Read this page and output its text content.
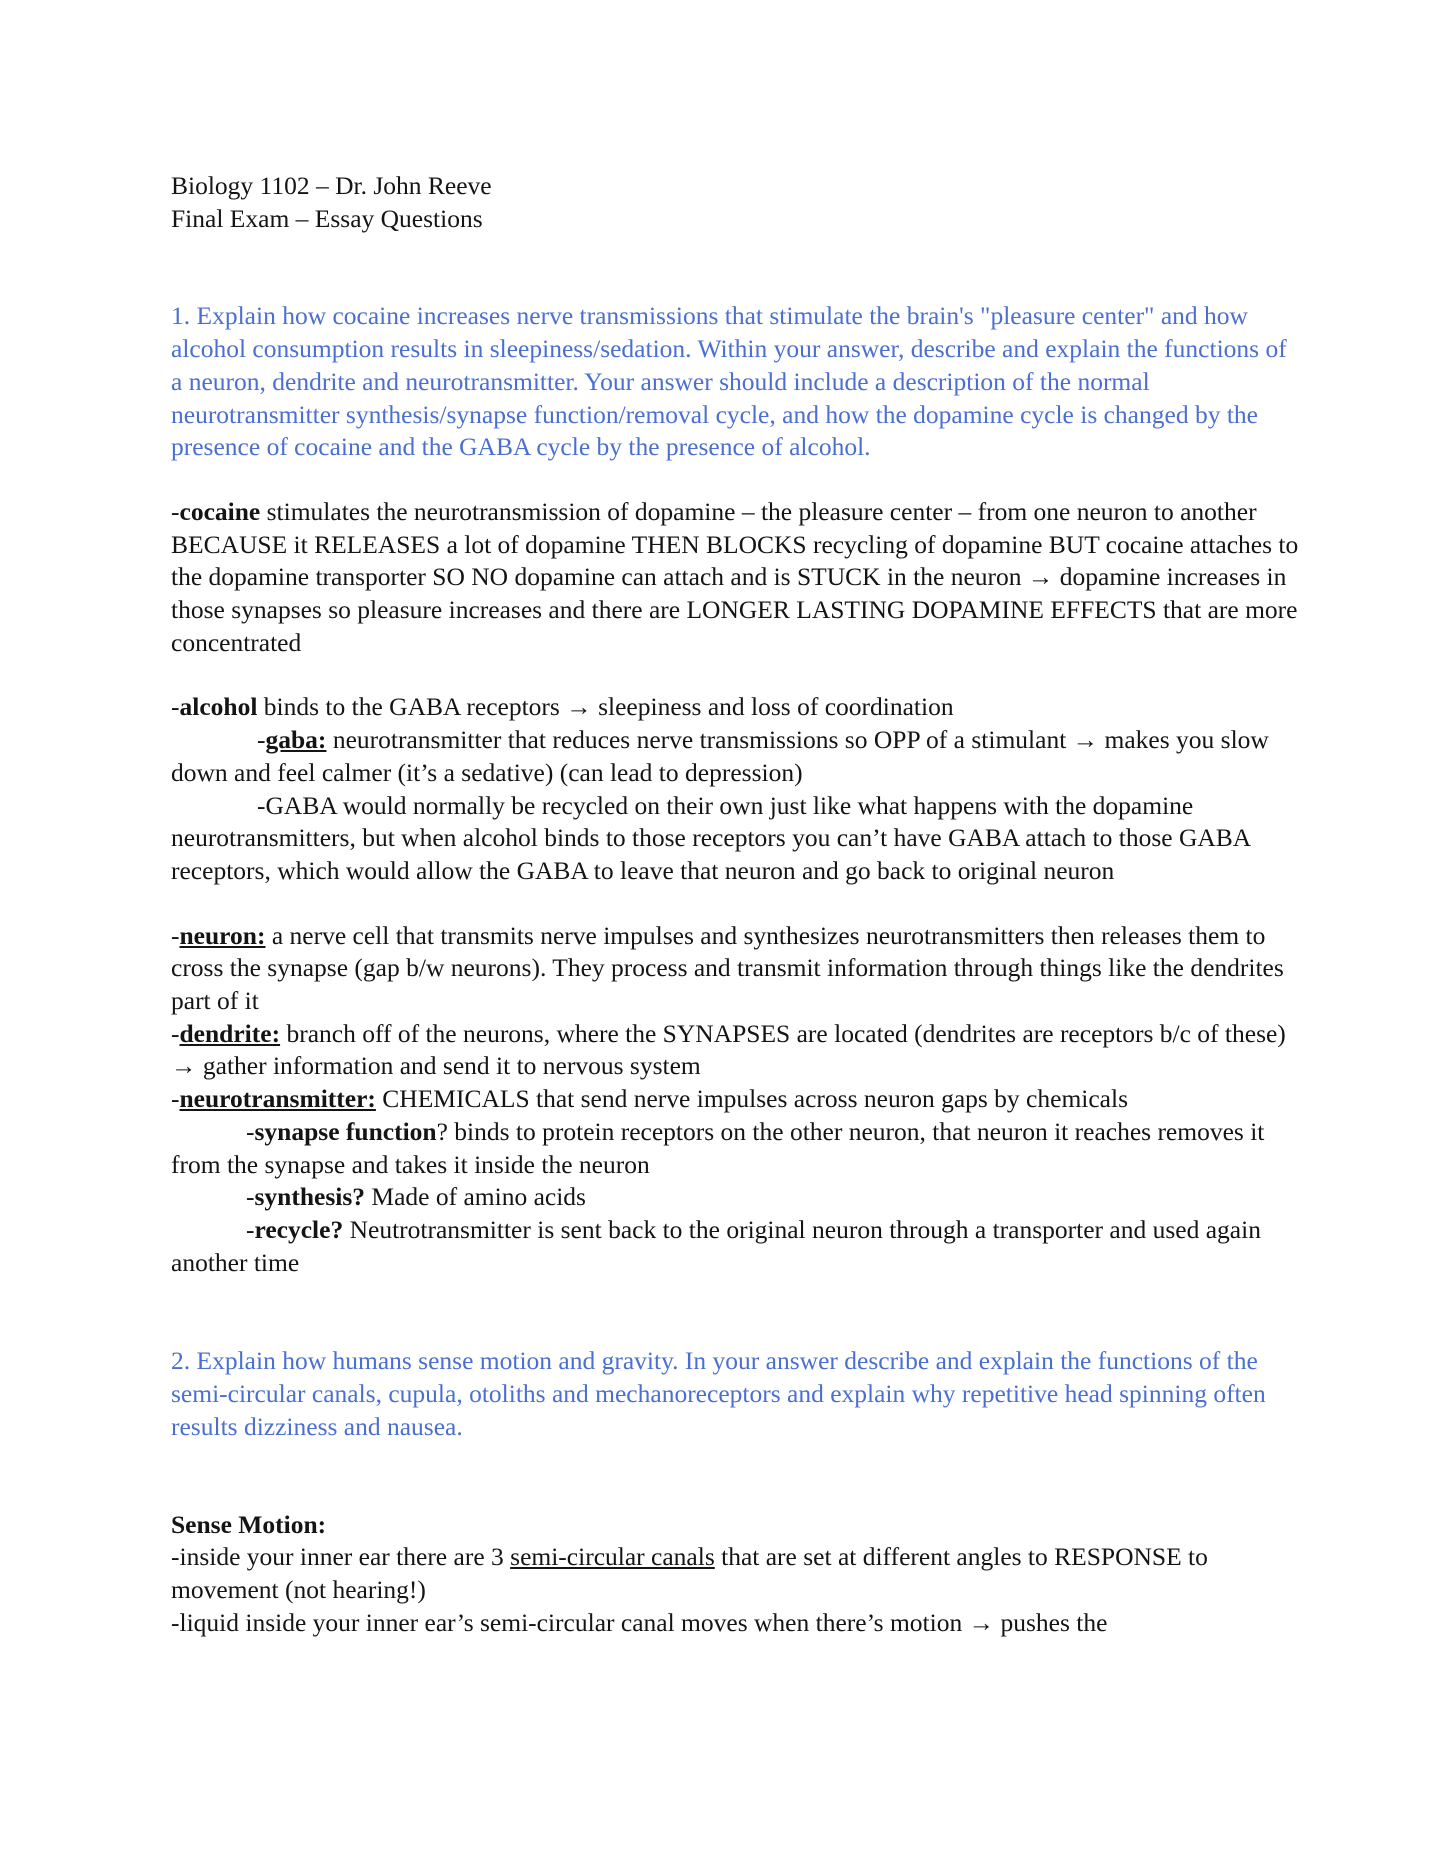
Biology 1102 – Dr. John Reeve

Final Exam – Essay Questions

1. Explain how cocaine increases nerve transmissions that stimulate the brain's "pleasure center" and how alcohol consumption results in sleepiness/sedation. Within your answer, describe and explain the functions of a neuron, dendrite and neurotransmitter. Your answer should include a description of the normal neurotransmitter synthesis/synapse function/removal cycle, and how the dopamine cycle is changed by the presence of cocaine and the GABA cycle by the presence of alcohol.

-cocaine stimulates the neurotransmission of dopamine – the pleasure center – from one neuron to another BECAUSE it RELEASES a lot of dopamine THEN BLOCKS recycling of dopamine BUT cocaine attaches to the dopamine transporter SO NO dopamine can attach and is STUCK in the neuron → dopamine increases in those synapses so pleasure increases and there are LONGER LASTING DOPAMINE EFFECTS that are more concentrated

-alcohol binds to the GABA receptors → sleepiness and loss of coordination

-gaba: neurotransmitter that reduces nerve transmissions so OPP of a stimulant → makes you slow down and feel calmer (it’s a sedative) (can lead to depression)

-GABA would normally be recycled on their own just like what happens with the dopamine neurotransmitters, but when alcohol binds to those receptors you can’t have GABA attach to those GABA receptors, which would allow the GABA to leave that neuron and go back to original neuron

-neuron: a nerve cell that transmits nerve impulses and synthesizes neurotransmitters then releases them to cross the synapse (gap b/w neurons). They process and transmit information through things like the dendrites part of it

-dendrite: branch off of the neurons, where the SYNAPSES are located (dendrites are receptors b/c of these) → gather information and send it to nervous system

-neurotransmitter: CHEMICALS that send nerve impulses across neuron gaps by chemicals

-synapse function? binds to protein receptors on the other neuron, that neuron it reaches removes it from the synapse and takes it inside the neuron

-synthesis? Made of amino acids

-recycle? Neutrotransmitter is sent back to the original neuron through a transporter and used again another time

2. Explain how humans sense motion and gravity. In your answer describe and explain the functions of the semi-circular canals, cupula, otoliths and mechanoreceptors and explain why repetitive head spinning often results dizziness and nausea.

Sense Motion:

-inside your inner ear there are 3 semi-circular canals that are set at different angles to RESPONSE to movement (not hearing!)

-liquid inside your inner ear’s semi-circular canal moves when there’s motion → pushes the
